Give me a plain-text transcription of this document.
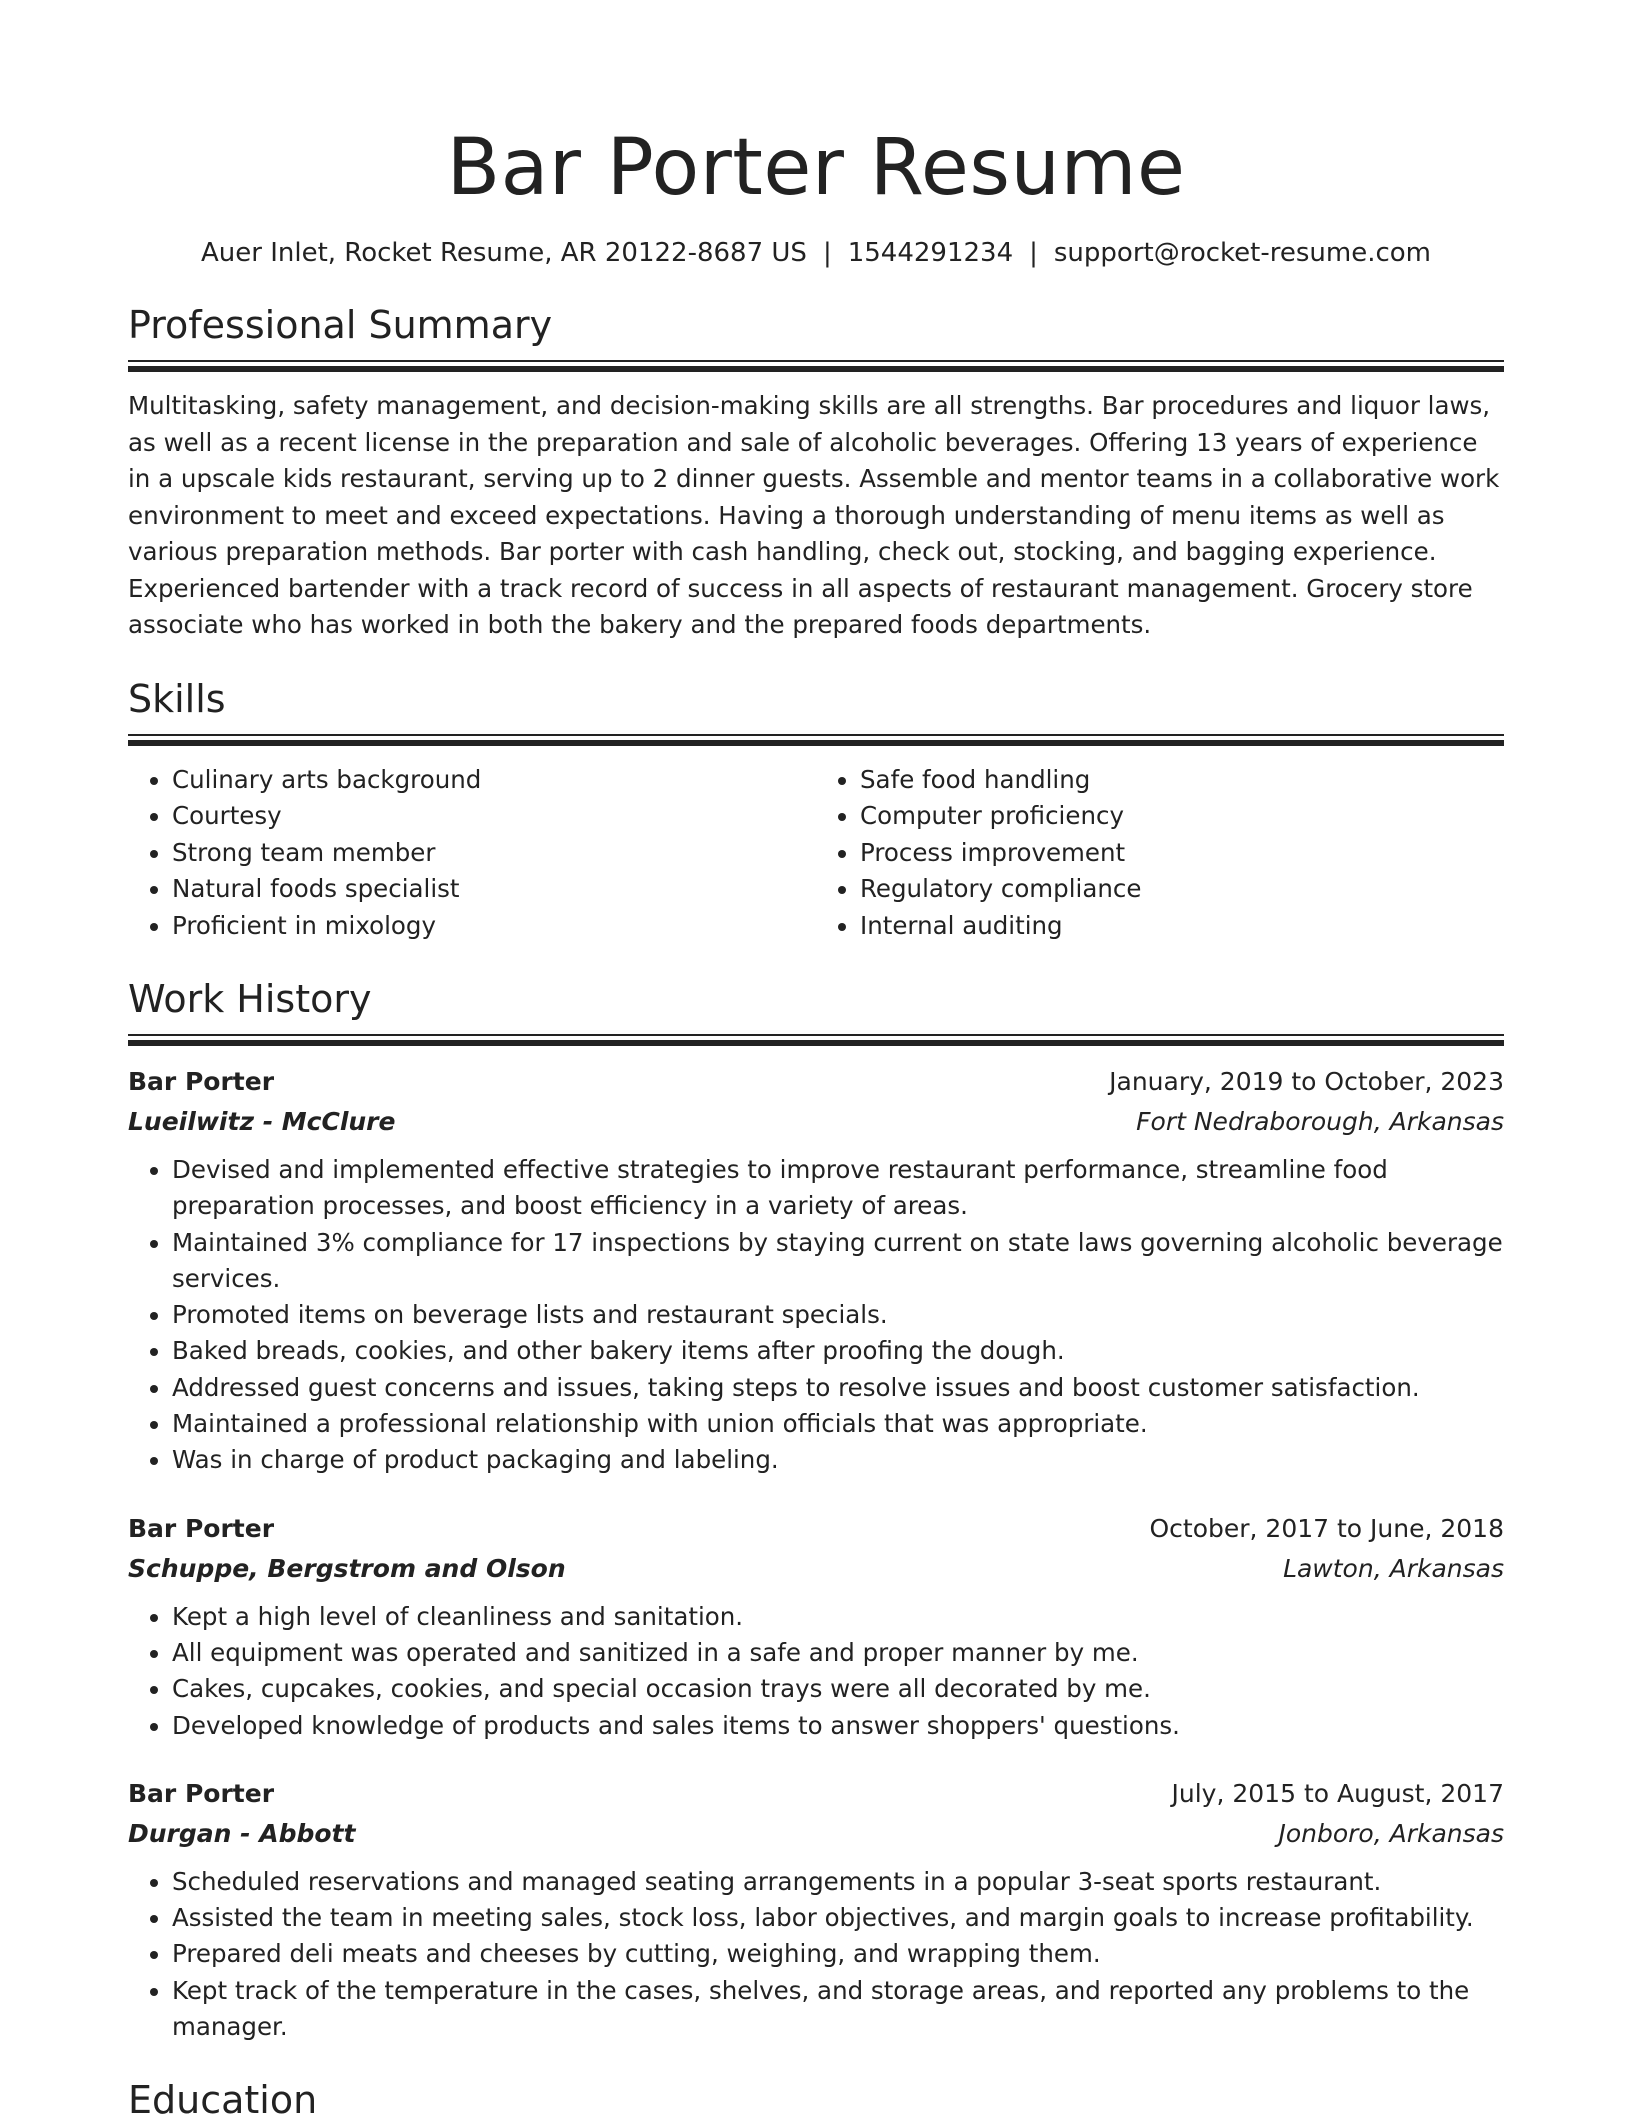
Bar Porter Resume
Auer Inlet, Rocket Resume, AR 20122-8687 US | 1544291234 | support@rocket-resume.com
Professional Summary

Multitasking, safety management, and decision-making skills are all strengths. Bar procedures and liquor laws, as well as a recent license in the preparation and sale of alcoholic beverages. Offering 13 years of experience in a upscale kids restaurant, serving up to 2 dinner guests. Assemble and mentor teams in a collaborative work environment to meet and exceed expectations. Having a thorough understanding of menu items as well as various preparation methods. Bar porter with cash handling, check out, stocking, and bagging experience. Experienced bartender with a track record of success in all aspects of restaurant management. Grocery store associate who has worked in both the bakery and the prepared foods departments.

Skills
• Culinary arts background
• Courtesy
• Strong team member
• Natural foods specialist
• Proficient in mixology
• Safe food handling
• Computer proficiency
• Process improvement
• Regulatory compliance
• Internal auditing
Work History
Bar Porter	January, 2019 to October, 2023
Lueilwitz - McClure	Fort Nedraborough, Arkansas
• Devised and implemented effective strategies to improve restaurant performance, streamline food preparation processes, and boost efficiency in a variety of areas.
• Maintained 3% compliance for 17 inspections by staying current on state laws governing alcoholic beverage services.
• Promoted items on beverage lists and restaurant specials.
• Baked breads, cookies, and other bakery items after proofing the dough.
• Addressed guest concerns and issues, taking steps to resolve issues and boost customer satisfaction.
• Maintained a professional relationship with union officials that was appropriate.
• Was in charge of product packaging and labeling.
Bar Porter	October, 2017 to June, 2018
Schuppe, Bergstrom and Olson	Lawton, Arkansas
• Kept a high level of cleanliness and sanitation.
• All equipment was operated and sanitized in a safe and proper manner by me.
• Cakes, cupcakes, cookies, and special occasion trays were all decorated by me.
• Developed knowledge of products and sales items to answer shoppers' questions.
Bar Porter	July, 2015 to August, 2017
Durgan - Abbott	Jonboro, Arkansas
• Scheduled reservations and managed seating arrangements in a popular 3-seat sports restaurant.
• Assisted the team in meeting sales, stock loss, labor objectives, and margin goals to increase profitability.
• Prepared deli meats and cheeses by cutting, weighing, and wrapping them.
• Kept track of the temperature in the cases, shelves, and storage areas, and reported any problems to the manager.
Education
